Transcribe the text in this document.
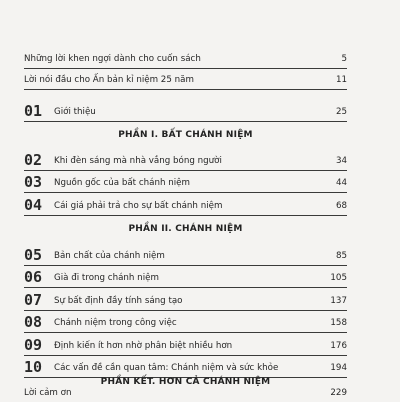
Những lời khen ngợi dành cho cuốn sách	5
Lời nói đầu cho Ấn bản kỉ niệm 25 năm	11
01	Giới thiệu	25
PHẦN I. BẤT CHÁNH NIỆM
02	Khi đèn sáng mà nhà vắng bóng người	34
03	Nguồn gốc của bất chánh niệm	44
04	Cái giá phải trả cho sự bất chánh niệm	68
PHẦN II. CHÁNH NIỆM
05	Bản chất của chánh niệm	85
06	Già đi trong chánh niệm	105
07	Sự bất định đầy tính sáng tạo	137
08	Chánh niệm trong công việc	158
09	Định kiến ít hơn nhờ phân biệt nhiều hơn	176
10	Các vấn đề cần quan tâm: Chánh niệm và sức khỏe	194
PHẦN KẾT. HƠN CẢ CHÁNH NIỆM
Lời cảm ơn	229
